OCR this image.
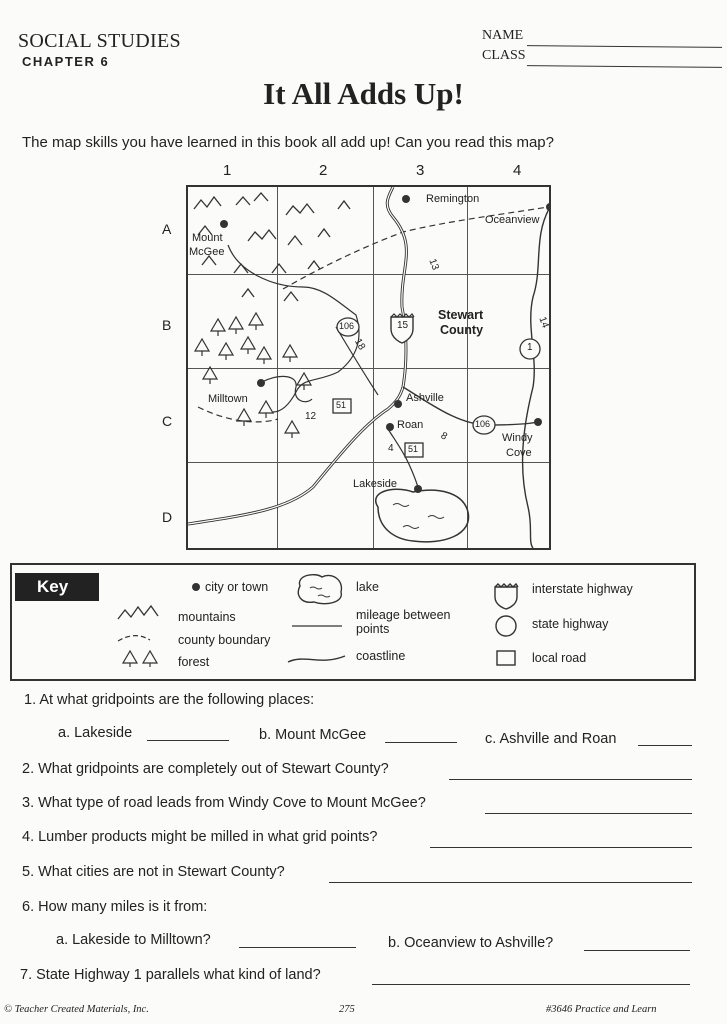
SOCIAL STUDIES
CHAPTER 6
NAME
CLASS
It All Adds Up!
The map skills you have learned in this book all add up! Can you read this map?
1	2	3	4
A
B
C
D
Remington
Oceanview
Mount
McGee
Stewart
County
Milltown	Ashville
Roan
Windy
Cove
Lakeside
15
106
106
1
51
51
13
18
14
12
8
4
Key	city or town
mountains
county boundary
forest
lake
mileage between
points
coastline
interstate highway
state highway
local road
1. At what gridpoints are the following places:
a. Lakeside	b. Mount McGee	c. Ashville and Roan
2. What gridpoints are completely out of Stewart County?
3. What type of road leads from Windy Cove to Mount McGee?
4. Lumber products might be milled in what grid points?
5. What cities are not in Stewart County?
6. How many miles is it from:
a. Lakeside to Milltown?	b. Oceanview to Ashville?
7. State Highway 1 parallels what kind of land?
© Teacher Created Materials, Inc.	275	#3646 Practice and Learn
